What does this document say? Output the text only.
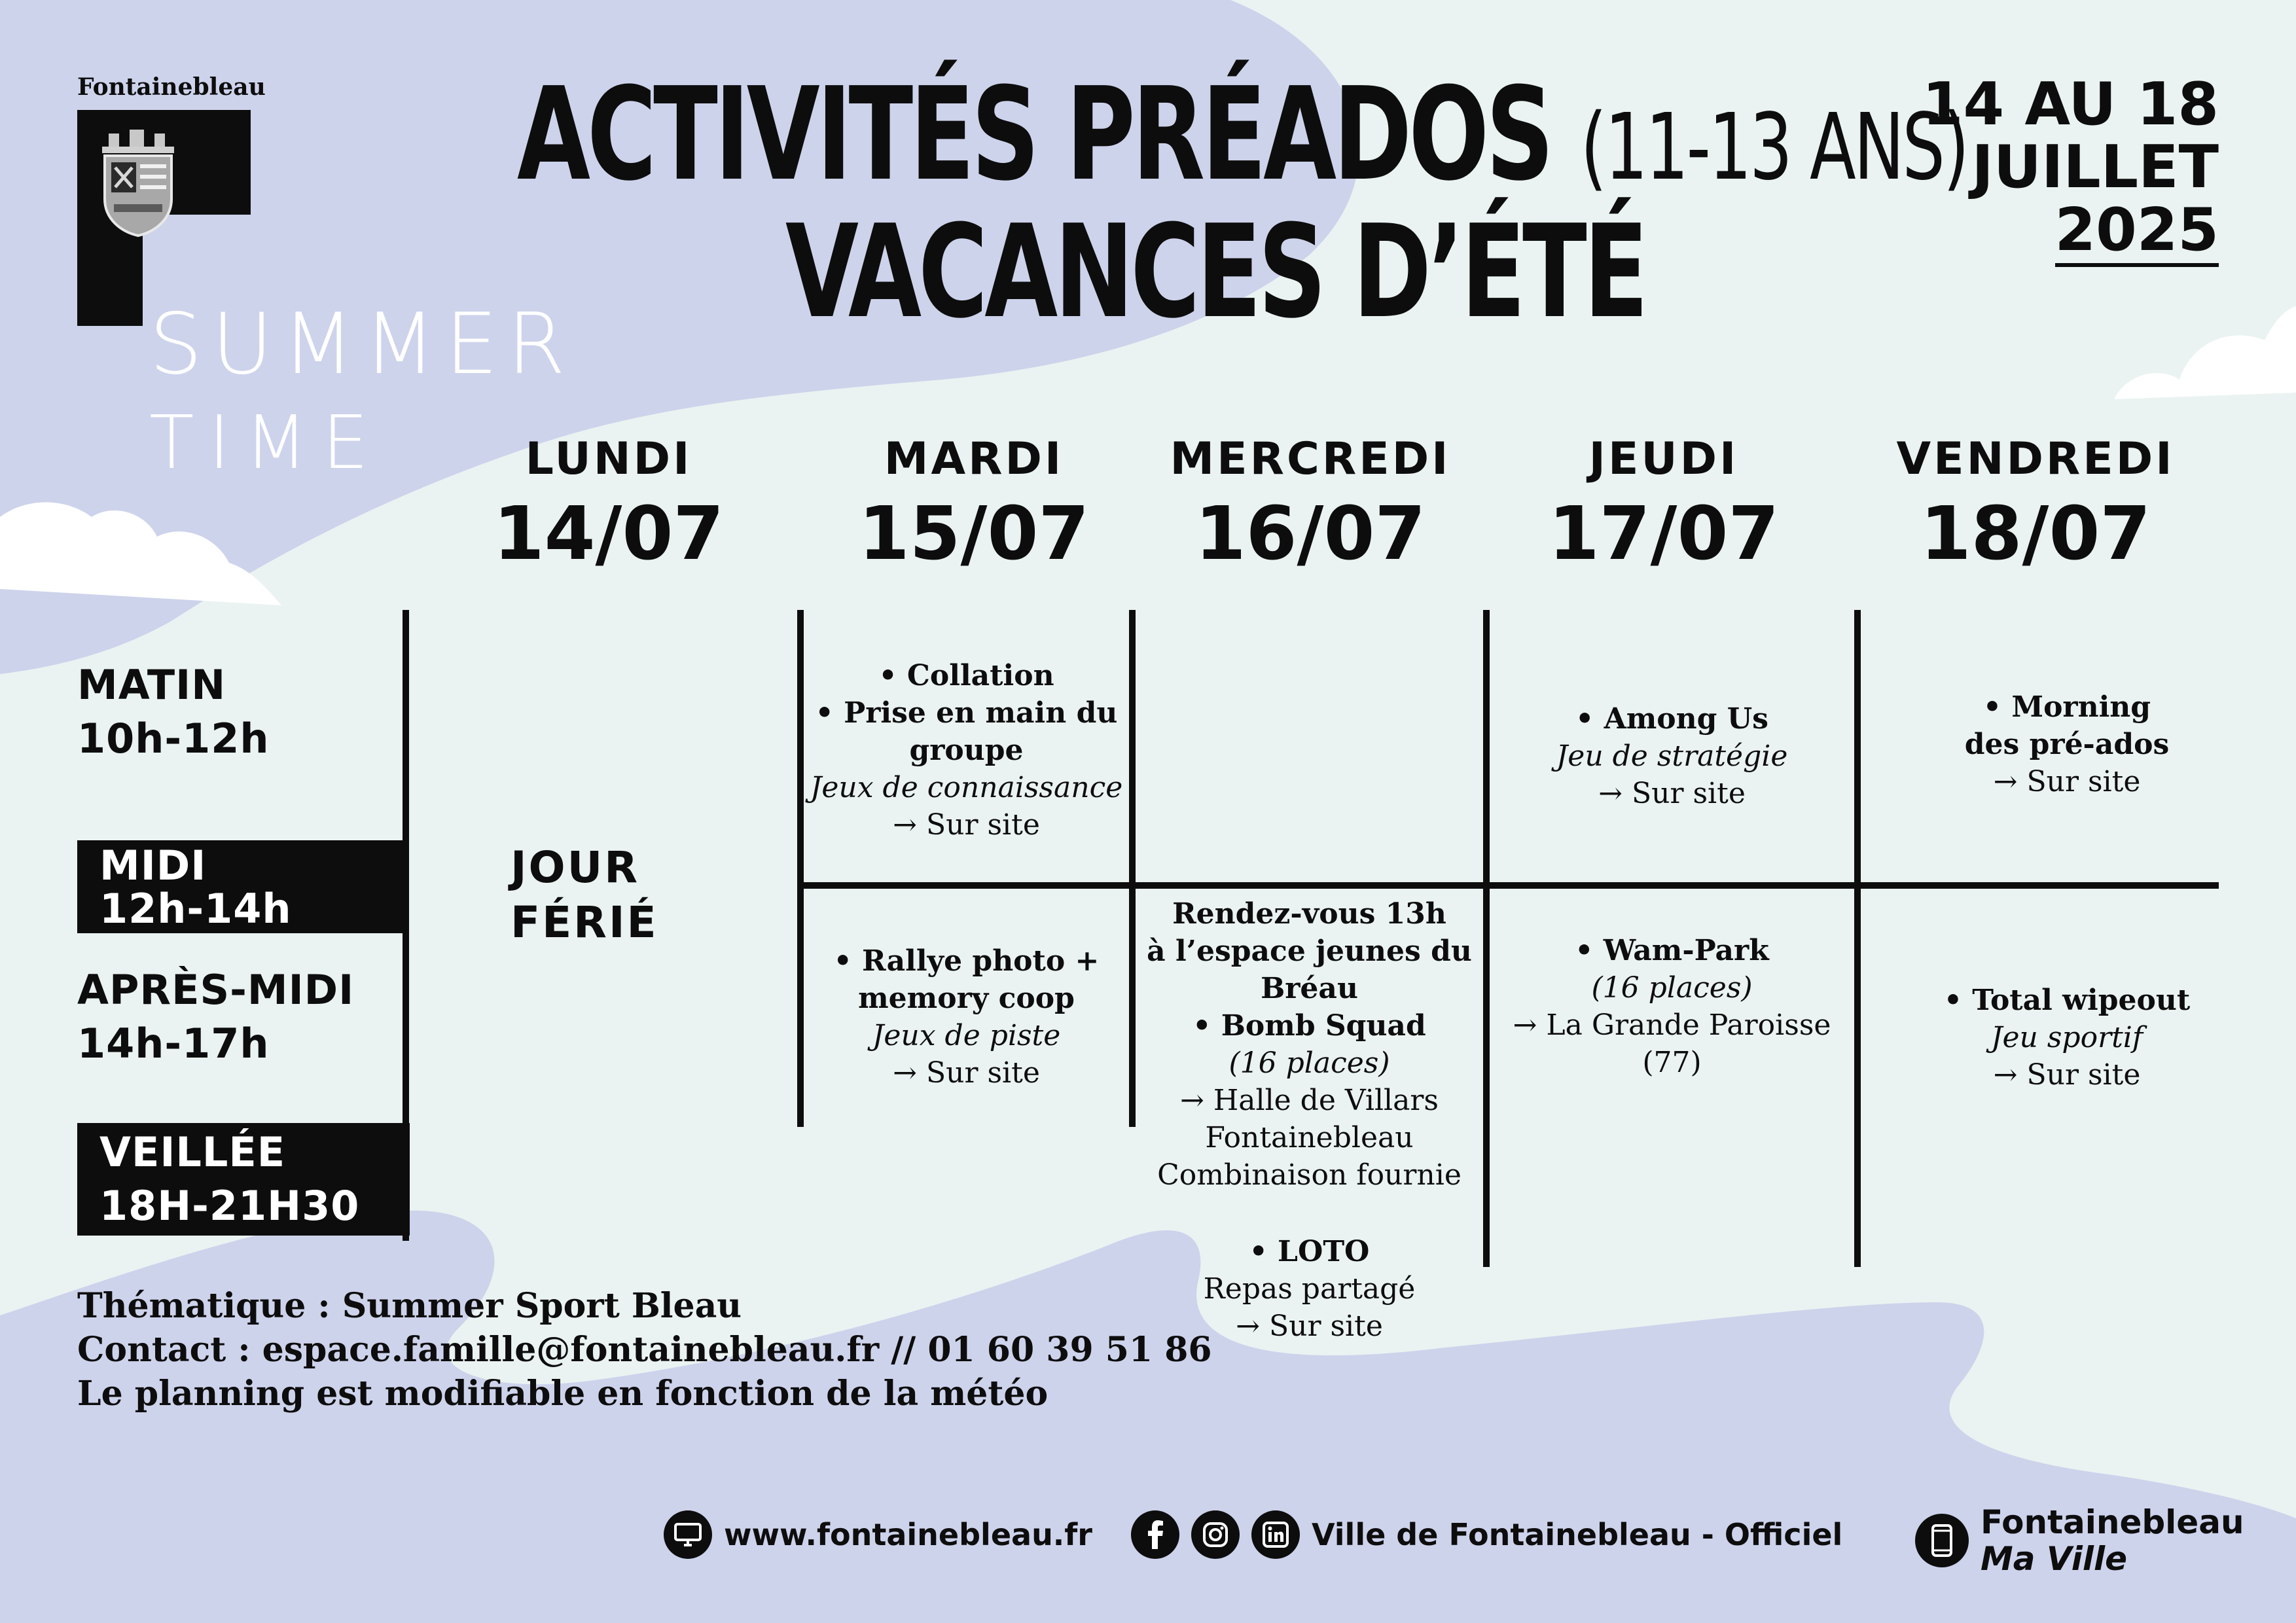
Fontainebleau
SUMMER
TIME
ACTIVITÉS PRÉADOS (11-13 ANS)
VACANCES D’ÉTÉ
14 AU 18
JUILLET
2025
LUNDI
14/07
MARDI
15/07
MERCREDI
16/07
JEUDI
17/07
VENDREDI
18/07
MATIN
10h-12h
MIDI
12h-14h
APRÈS-MIDI
14h-17h
VEILLÉE
18H-21H30
JOUR
FÉRIÉ
• Collation
• Prise en main du
groupe
Jeux de connaissance
→ Sur site
• Rallye photo +
memory coop
Jeux de piste
→ Sur site
Rendez-vous 13h
à l’espace jeunes du
Bréau
• Bomb Squad
(16 places)
→ Halle de Villars
Fontainebleau
Combinaison fournie
• LOTO
Repas partagé
→ Sur site
• Among Us
Jeu de stratégie
→ Sur site
• Wam-Park
(16 places)
→ La Grande Paroisse
(77)
• Morning
des pré-ados
→ Sur site
• Total wipeout
Jeu sportif
→ Sur site
Thématique : Summer Sport Bleau
Contact : espace.famille@fontainebleau.fr // 01 60 39 51 86
Le planning est modifiable en fonction de la météo
www.fontainebleau.fr	Ville de Fontainebleau - Officiel	Fontainebleau
Ma Ville
